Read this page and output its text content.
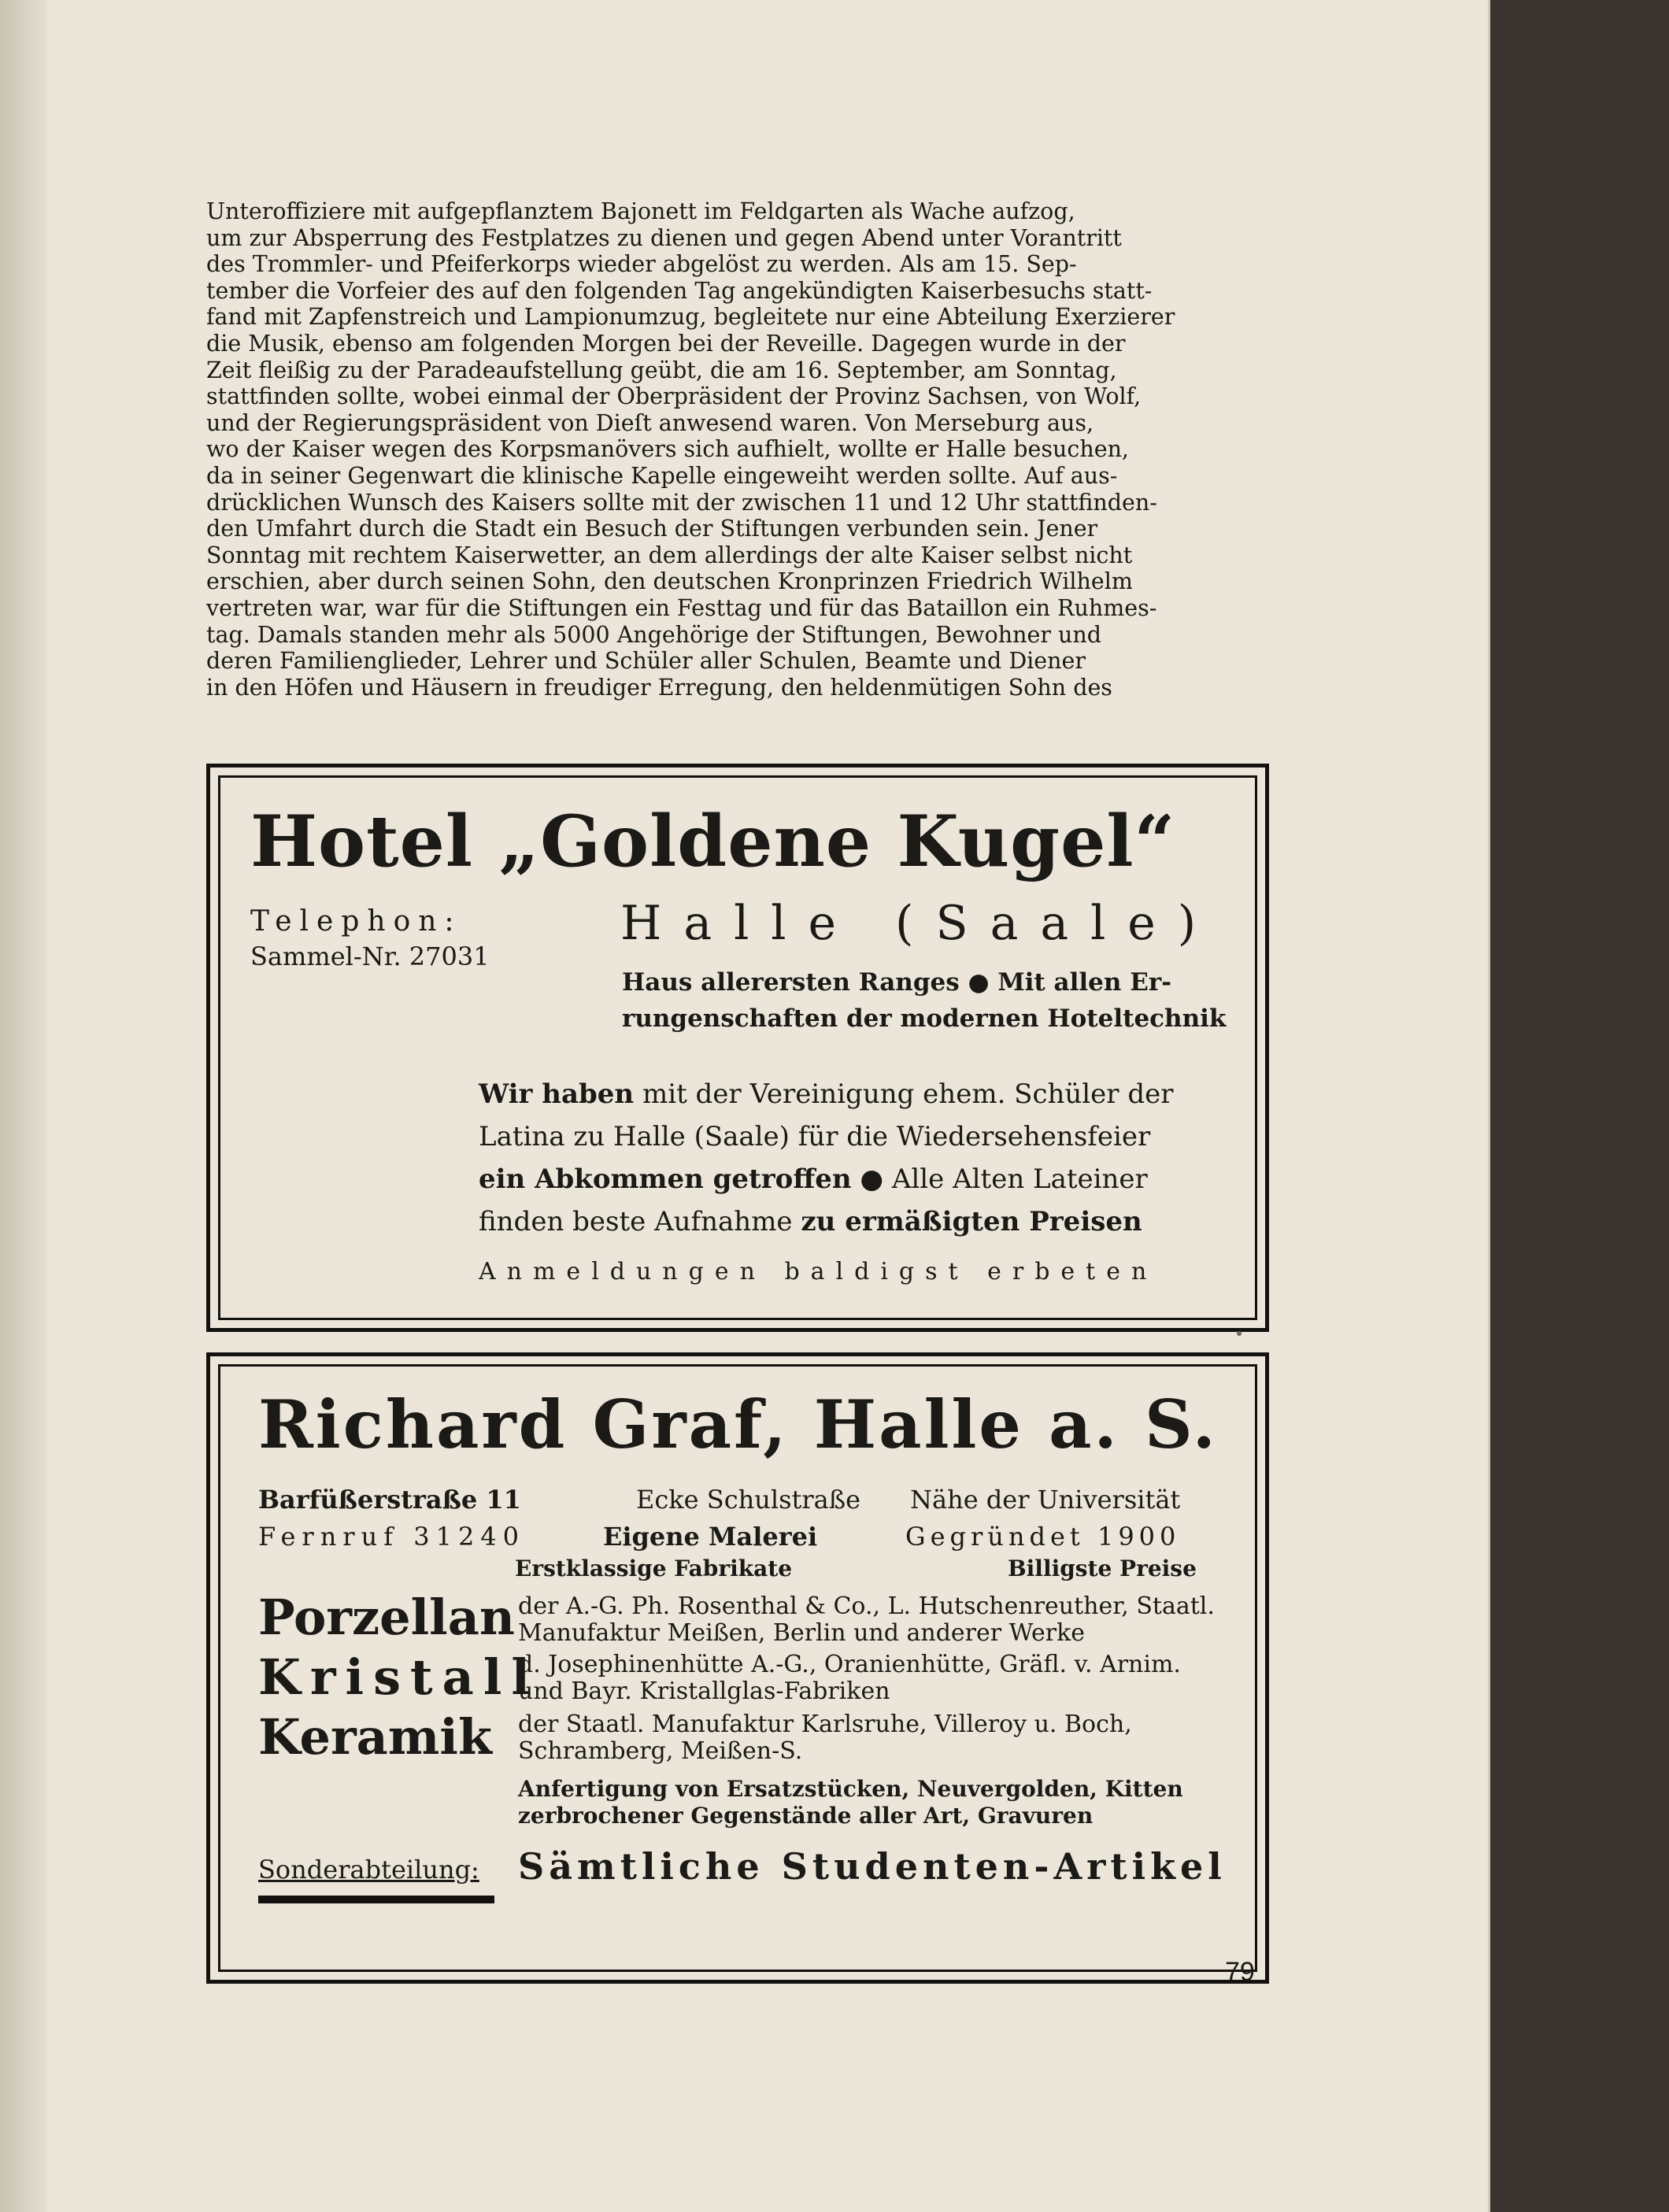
Unteroffiziere mit aufgepflanztem Bajonett im Feldgarten als Wache aufzog,
um zur Absperrung des Festplatzes zu dienen und gegen Abend unter Vorantritt
des Trommler- und Pfeiferkorps wieder abgelöst zu werden. Als am 15. Sep-
tember die Vorfeier des auf den folgenden Tag angekündigten Kaiserbesuchs statt-
fand mit Zapfenstreich und Lampionumzug, begleitete nur eine Abteilung Exerzierer
die Musik, ebenso am folgenden Morgen bei der Reveille. Dagegen wurde in der
Zeit fleißig zu der Paradeaufstellung geübt, die am 16. September, am Sonntag,
stattfinden sollte, wobei einmal der Oberpräsident der Provinz Sachsen, von Wolf,
und der Regierungspräsident von Dieſt anwesend waren. Von Merseburg aus,
wo der Kaiser wegen des Korpsmanövers sich aufhielt, wollte er Halle besuchen,
da in seiner Gegenwart die klinische Kapelle eingeweiht werden sollte. Auf aus-
drücklichen Wunsch des Kaisers sollte mit der zwischen 11 und 12 Uhr stattfinden-
den Umfahrt durch die Stadt ein Besuch der Stiftungen verbunden sein. Jener
Sonntag mit rechtem Kaiserwetter, an dem allerdings der alte Kaiser selbst nicht
erschien, aber durch seinen Sohn, den deutschen Kronprinzen Friedrich Wilhelm
vertreten war, war für die Stiftungen ein Festtag und für das Bataillon ein Ruhmes-
tag. Damals standen mehr als 5000 Angehörige der Stiftungen, Bewohner und
deren Familienglieder, Lehrer und Schüler aller Schulen, Beamte und Diener
in den Höfen und Häusern in freudiger Erregung, den heldenmütigen Sohn des
Hotel „Goldene Kugel“
Telephon:
Sammel-Nr. 27031
Halle (Saale)
Haus allerersten Ranges ● Mit allen Er-
rungenschaften der modernen Hoteltechnik
Wir haben mit der Vereinigung ehem. Schüler der
Latina zu Halle (Saale) für die Wiedersehensfeier
ein Abkommen getroffen ● Alle Alten Lateiner
finden beste Aufnahme zu ermäßigten Preisen
Anmeldungen baldigst erbeten
Richard Graf, Halle a. S.
Barfüßerstraße 11	Ecke Schulstraße Nähe der Universität
Fernruf 31240	Eigene Malerei	Gegründet 1900
Erstklassige Fabrikate	Billigste Preise
Porzellan der A.-G. Ph. Rosenthal & Co., L. Hutschenreuther, Staatl. Manufaktur Meißen, Berlin und anderer Werke
Kristall
d. Josephinenhütte A.-G., Oranienhütte, Gräfl. v. Arnim. und Bayr. Kristallglas-Fabriken
Keramik der Staatl. Manufaktur Karlsruhe, Villeroy u. Boch, Schramberg, Meißen-S.
Anfertigung von Ersatzstücken, Neuvergolden, Kitten zerbrochener Gegenstände aller Art, Gravuren
Sonderabteilung: Sämtliche Studenten-Artikel
79
